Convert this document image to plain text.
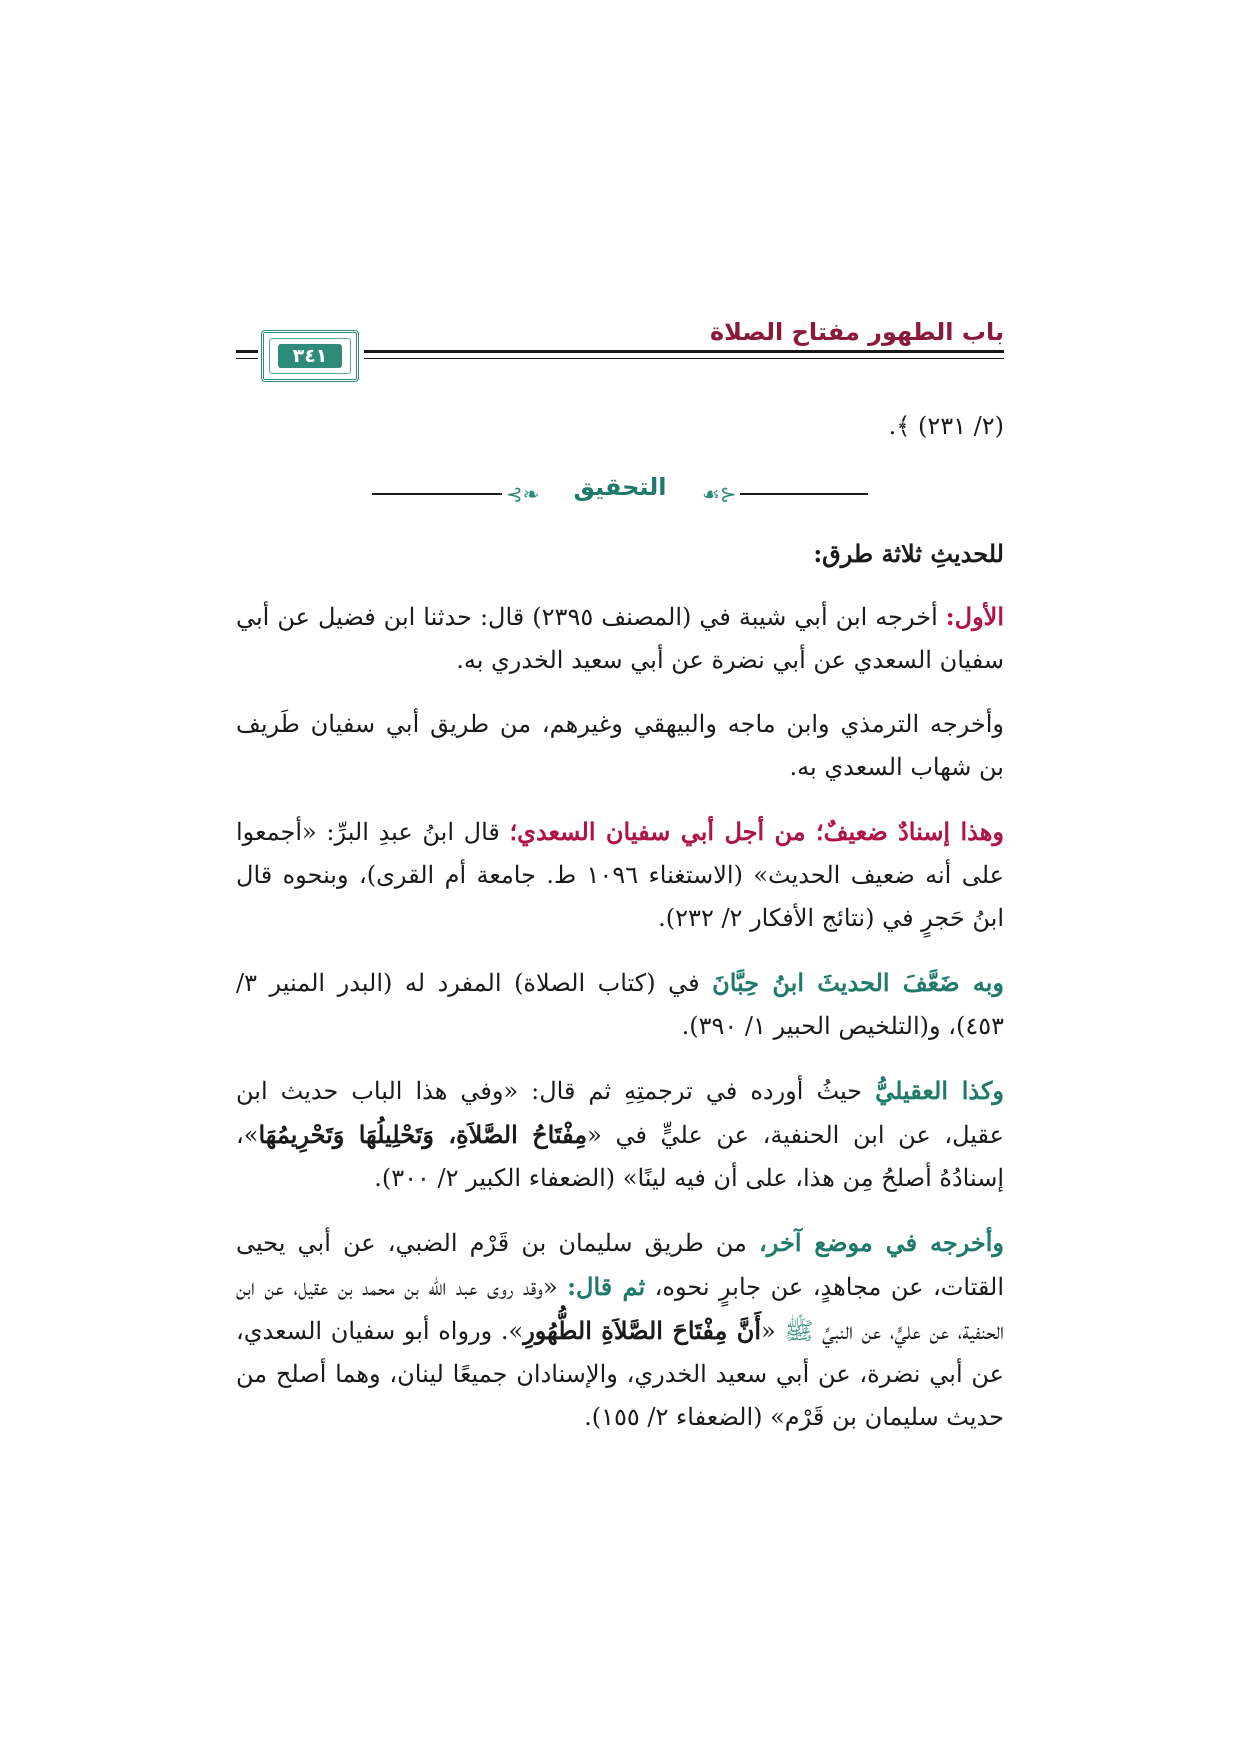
باب الطهور مفتاح الصلاة
٣٤١
(٢/ ٢٣١) ﴾.
⊰❧	التحقيق	☙⊱

للحديثِ ثلاثة طرق:

الأول: أخرجه ابن أبي شيبة في (المصنف ٢٣٩٥) قال: حدثنا ابن فضيل عن أبي سفيان السعدي عن أبي نضرة عن أبي سعيد الخدري به.

وأخرجه الترمذي وابن ماجه والبيهقي وغيرهم، من طريق أبي سفيان طَريف بن شهاب السعدي به.

وهذا إسنادٌ ضعيفٌ؛ من أجل أبي سفيان السعدي؛ قال ابنُ عبدِ البرِّ: «أجمعوا على أنه ضعيف الحديث» (الاستغناء ١٠٩٦ ط. جامعة أم القرى)، وبنحوه قال ابنُ حَجرٍ في (نتائج الأفكار ٢/ ٢٣٢).

وبه ضَعَّفَ الحديثَ ابنُ حِبَّانَ في (كتاب الصلاة) المفرد له (البدر المنير ٣/ ٤٥٣)، و(التلخيص الحبير ١/ ٣٩٠).

وكذا العقيليُّ حيثُ أورده في ترجمتِهِ ثم قال: «وفي هذا الباب حديث ابن عقيل، عن ابن الحنفية، عن عليٍّ في «مِفْتَاحُ الصَّلاَةِ، وَتَحْلِيلُهَا وَتَحْرِيمُهَا»، إسنادُهُ أصلحُ مِن هذا، على أن فيه لينًا» (الضعفاء الكبير ٢/ ٣٠٠).

وأخرجه في موضع آخر، من طريق سليمان بن قَرْم الضبي، عن أبي يحيى القتات، عن مجاهدٍ، عن جابرٍ نحوه، ثم قال: «وقد روى عبد الله بن محمد بن عقيل، عن ابن الحنفية، عن عليٍّ، عن النبيِّ ﷺ «أَنَّ مِفْتَاحَ الصَّلاَةِ الطُّهُورِ». ورواه أبو سفيان السعدي، عن أبي نضرة، عن أبي سعيد الخدري، والإسنادان جميعًا لينان، وهما أصلح من حديث سليمان بن قَرْم» (الضعفاء ٢/ ١٥٥).
